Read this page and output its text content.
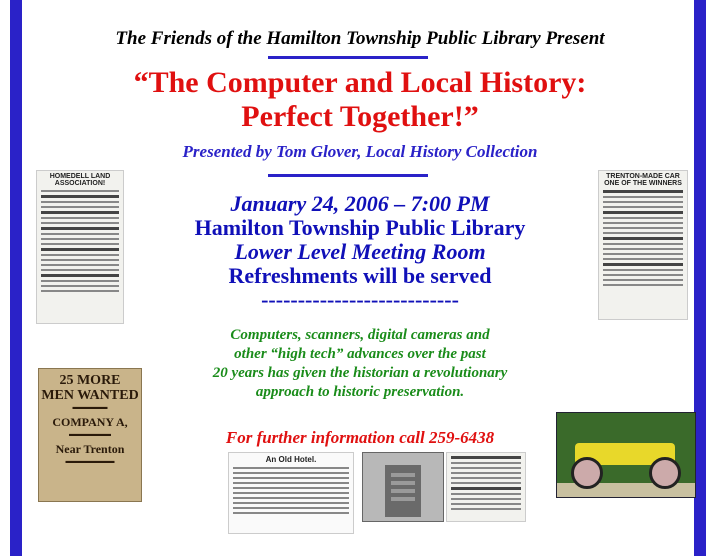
The Friends of the Hamilton Township Public Library Present
“The Computer and Local History:
Perfect Together!”
Presented by Tom Glover, Local History Collection
January 24, 2006 – 7:00 PM
Hamilton Township Public Library
Lower Level Meeting Room
Refreshments will be served
---------------------------
Computers, scanners, digital cameras and
other “high tech” advances over the past
20 years has given the historian a revolutionary
approach to historic preservation.
For further information call 259-6438
HOMEDELL LAND ASSOCIATION!
TRENTON-MADE CAR ONE OF THE WINNERS
25 MORE
MEN WANTED
▬▬▬▬▬
COMPANY A,
▬▬▬▬▬▬
Near Trenton
▬▬▬▬▬▬▬	An Old Hotel.
